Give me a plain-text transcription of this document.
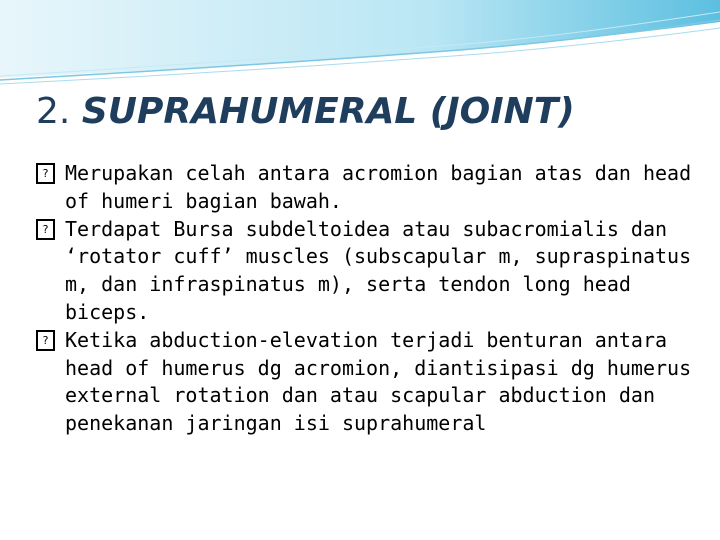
2. SUPRAHUMERAL (JOINT)
? Merupakan celah antara acromion bagian atas dan head of humeri bagian bawah.
? Terdapat Bursa subdeltoidea atau subacromialis dan ‘rotator cuff’ muscles (subscapular m, supraspinatus m, dan infraspinatus m), serta tendon long head biceps.
? Ketika abduction-elevation terjadi benturan antara head of humerus dg acromion, diantisipasi dg humerus external rotation dan atau scapular abduction dan penekanan jaringan isi suprahumeral
